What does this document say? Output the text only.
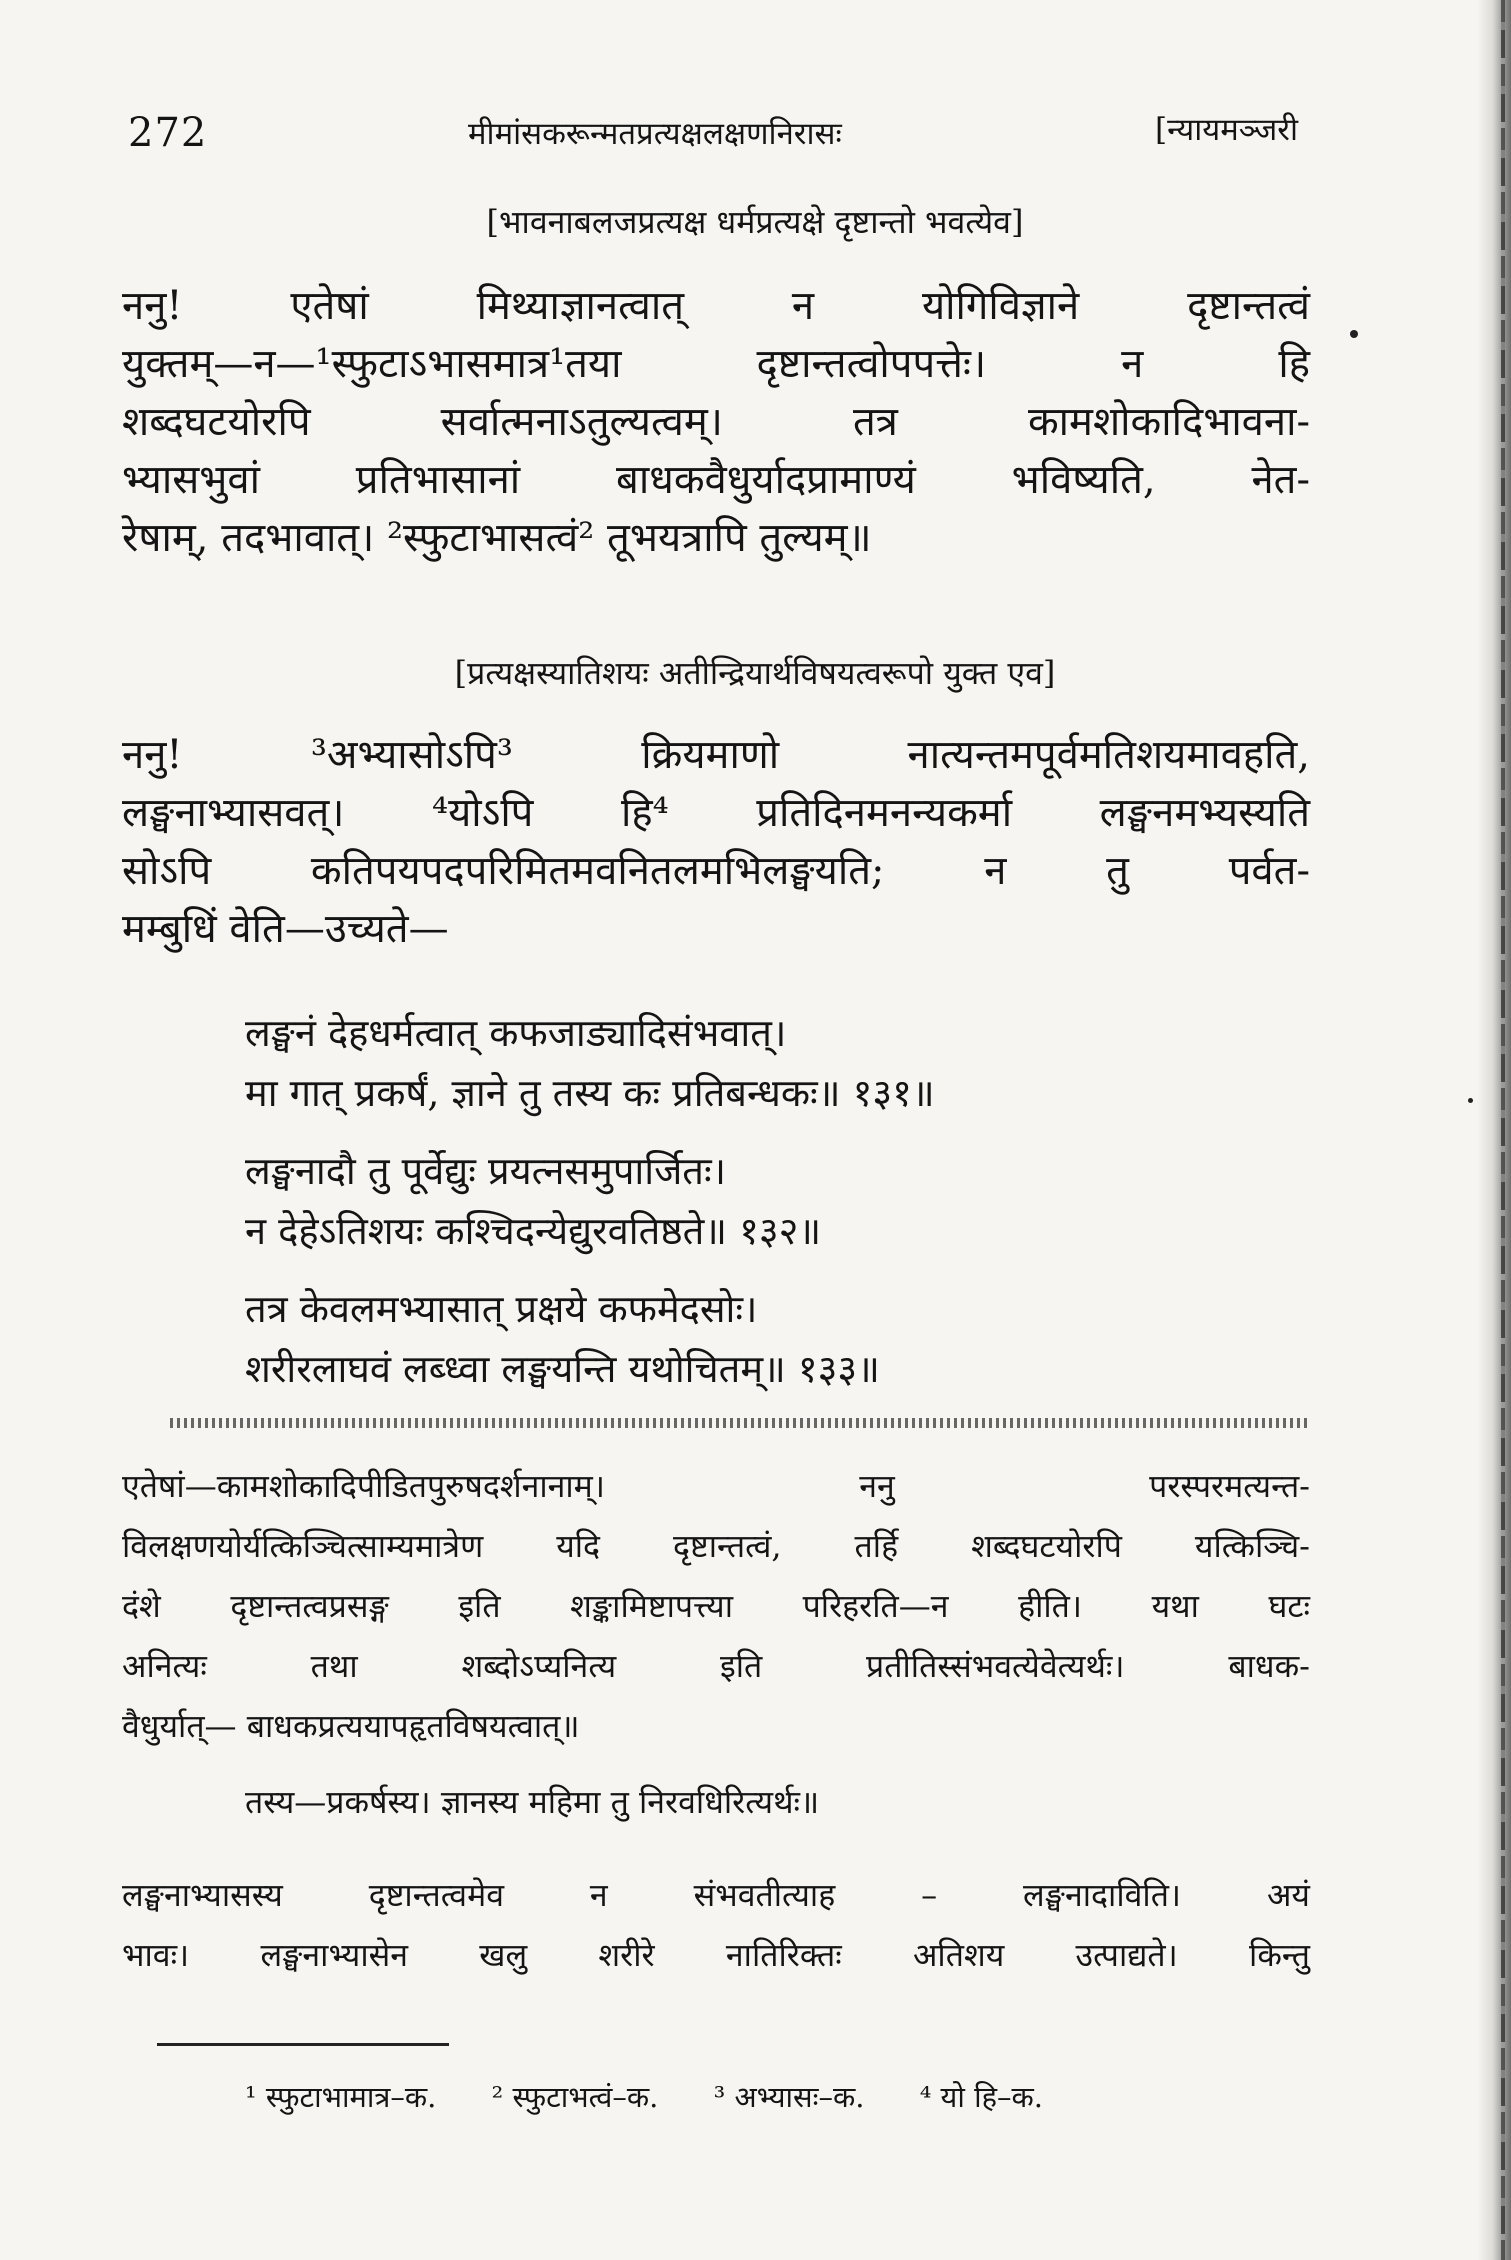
272	मीमांसकरून्मतप्रत्यक्षलक्षणनिरासः	[न्यायमञ्जरी
[भावनाबलजप्रत्यक्ष धर्मप्रत्यक्षे दृष्टान्तो भवत्येव]
ननु! एतेषां मिथ्याज्ञानत्वात् न योगिविज्ञाने दृष्टान्तत्वं
युक्तम्—न—¹स्फुटाऽभासमात्र¹तया दृष्टान्तत्वोपपत्तेः। न हि
शब्दघटयोरपि सर्वात्मनाऽतुल्यत्वम्। तत्र कामशोकादिभावना-
भ्यासभुवां प्रतिभासानां बाधकवैधुर्यादप्रामाण्यं भविष्यति, नेत-
रेषाम्, तदभावात्। ²स्फुटाभासत्वं² तूभयत्रापि तुल्यम्॥
[प्रत्यक्षस्यातिशयः अतीन्द्रियार्थविषयत्वरूपो युक्त एव]
ननु! ³अभ्यासोऽपि³ क्रियमाणो नात्यन्तमपूर्वमतिशयमावहति,
लङ्घनाभ्यासवत्। ⁴योऽपि हि⁴ प्रतिदिनमनन्यकर्मा लङ्घनमभ्यस्यति
सोऽपि कतिपयपदपरिमितमवनितलमभिलङ्घयति; न तु पर्वत-
मम्बुधिं वेति—उच्यते—
लङ्घनं देहधर्मत्वात् कफजाड्यादिसंभवात्।
मा गात् प्रकर्षं, ज्ञाने तु तस्य कः प्रतिबन्धकः॥ १३१॥
लङ्घनादौ तु पूर्वेद्युः प्रयत्नसमुपार्जितः।
न देहेऽतिशयः कश्चिदन्येद्युरवतिष्ठते॥ १३२॥
तत्र केवलमभ्यासात् प्रक्षये कफमेदसोः।
शरीरलाघवं लब्ध्वा लङ्घयन्ति यथोचितम्॥ १३३॥
एतेषां—कामशोकादिपीडितपुरुषदर्शनानाम्। ननु परस्परमत्यन्त-
विलक्षणयोर्यत्किञ्चित्साम्यमात्रेण यदि दृष्टान्तत्वं, तर्हि शब्दघटयोरपि यत्किञ्चि-
दंशे दृष्टान्तत्वप्रसङ्ग इति शङ्कामिष्टापत्त्या परिहरति—न हीति। यथा घटः
अनित्यः तथा शब्दोऽप्यनित्य इति प्रतीतिस्संभवत्येवेत्यर्थः। बाधक-
वैधुर्यात्— बाधकप्रत्ययापहृतविषयत्वात्॥
तस्य—प्रकर्षस्य। ज्ञानस्य महिमा तु निरवधिरित्यर्थः॥
लङ्घनाभ्यासस्य दृष्टान्तत्वमेव न संभवतीत्याह – लङ्घनादाविति। अयं
भावः। लङ्घनाभ्यासेन खलु शरीरे नातिरिक्तः अतिशय उत्पाद्यते। किन्तु
¹ स्फुटाभामात्र–क. ² स्फुटाभत्वं–क. ³ अभ्यासः–क. ⁴ यो हि–क.
